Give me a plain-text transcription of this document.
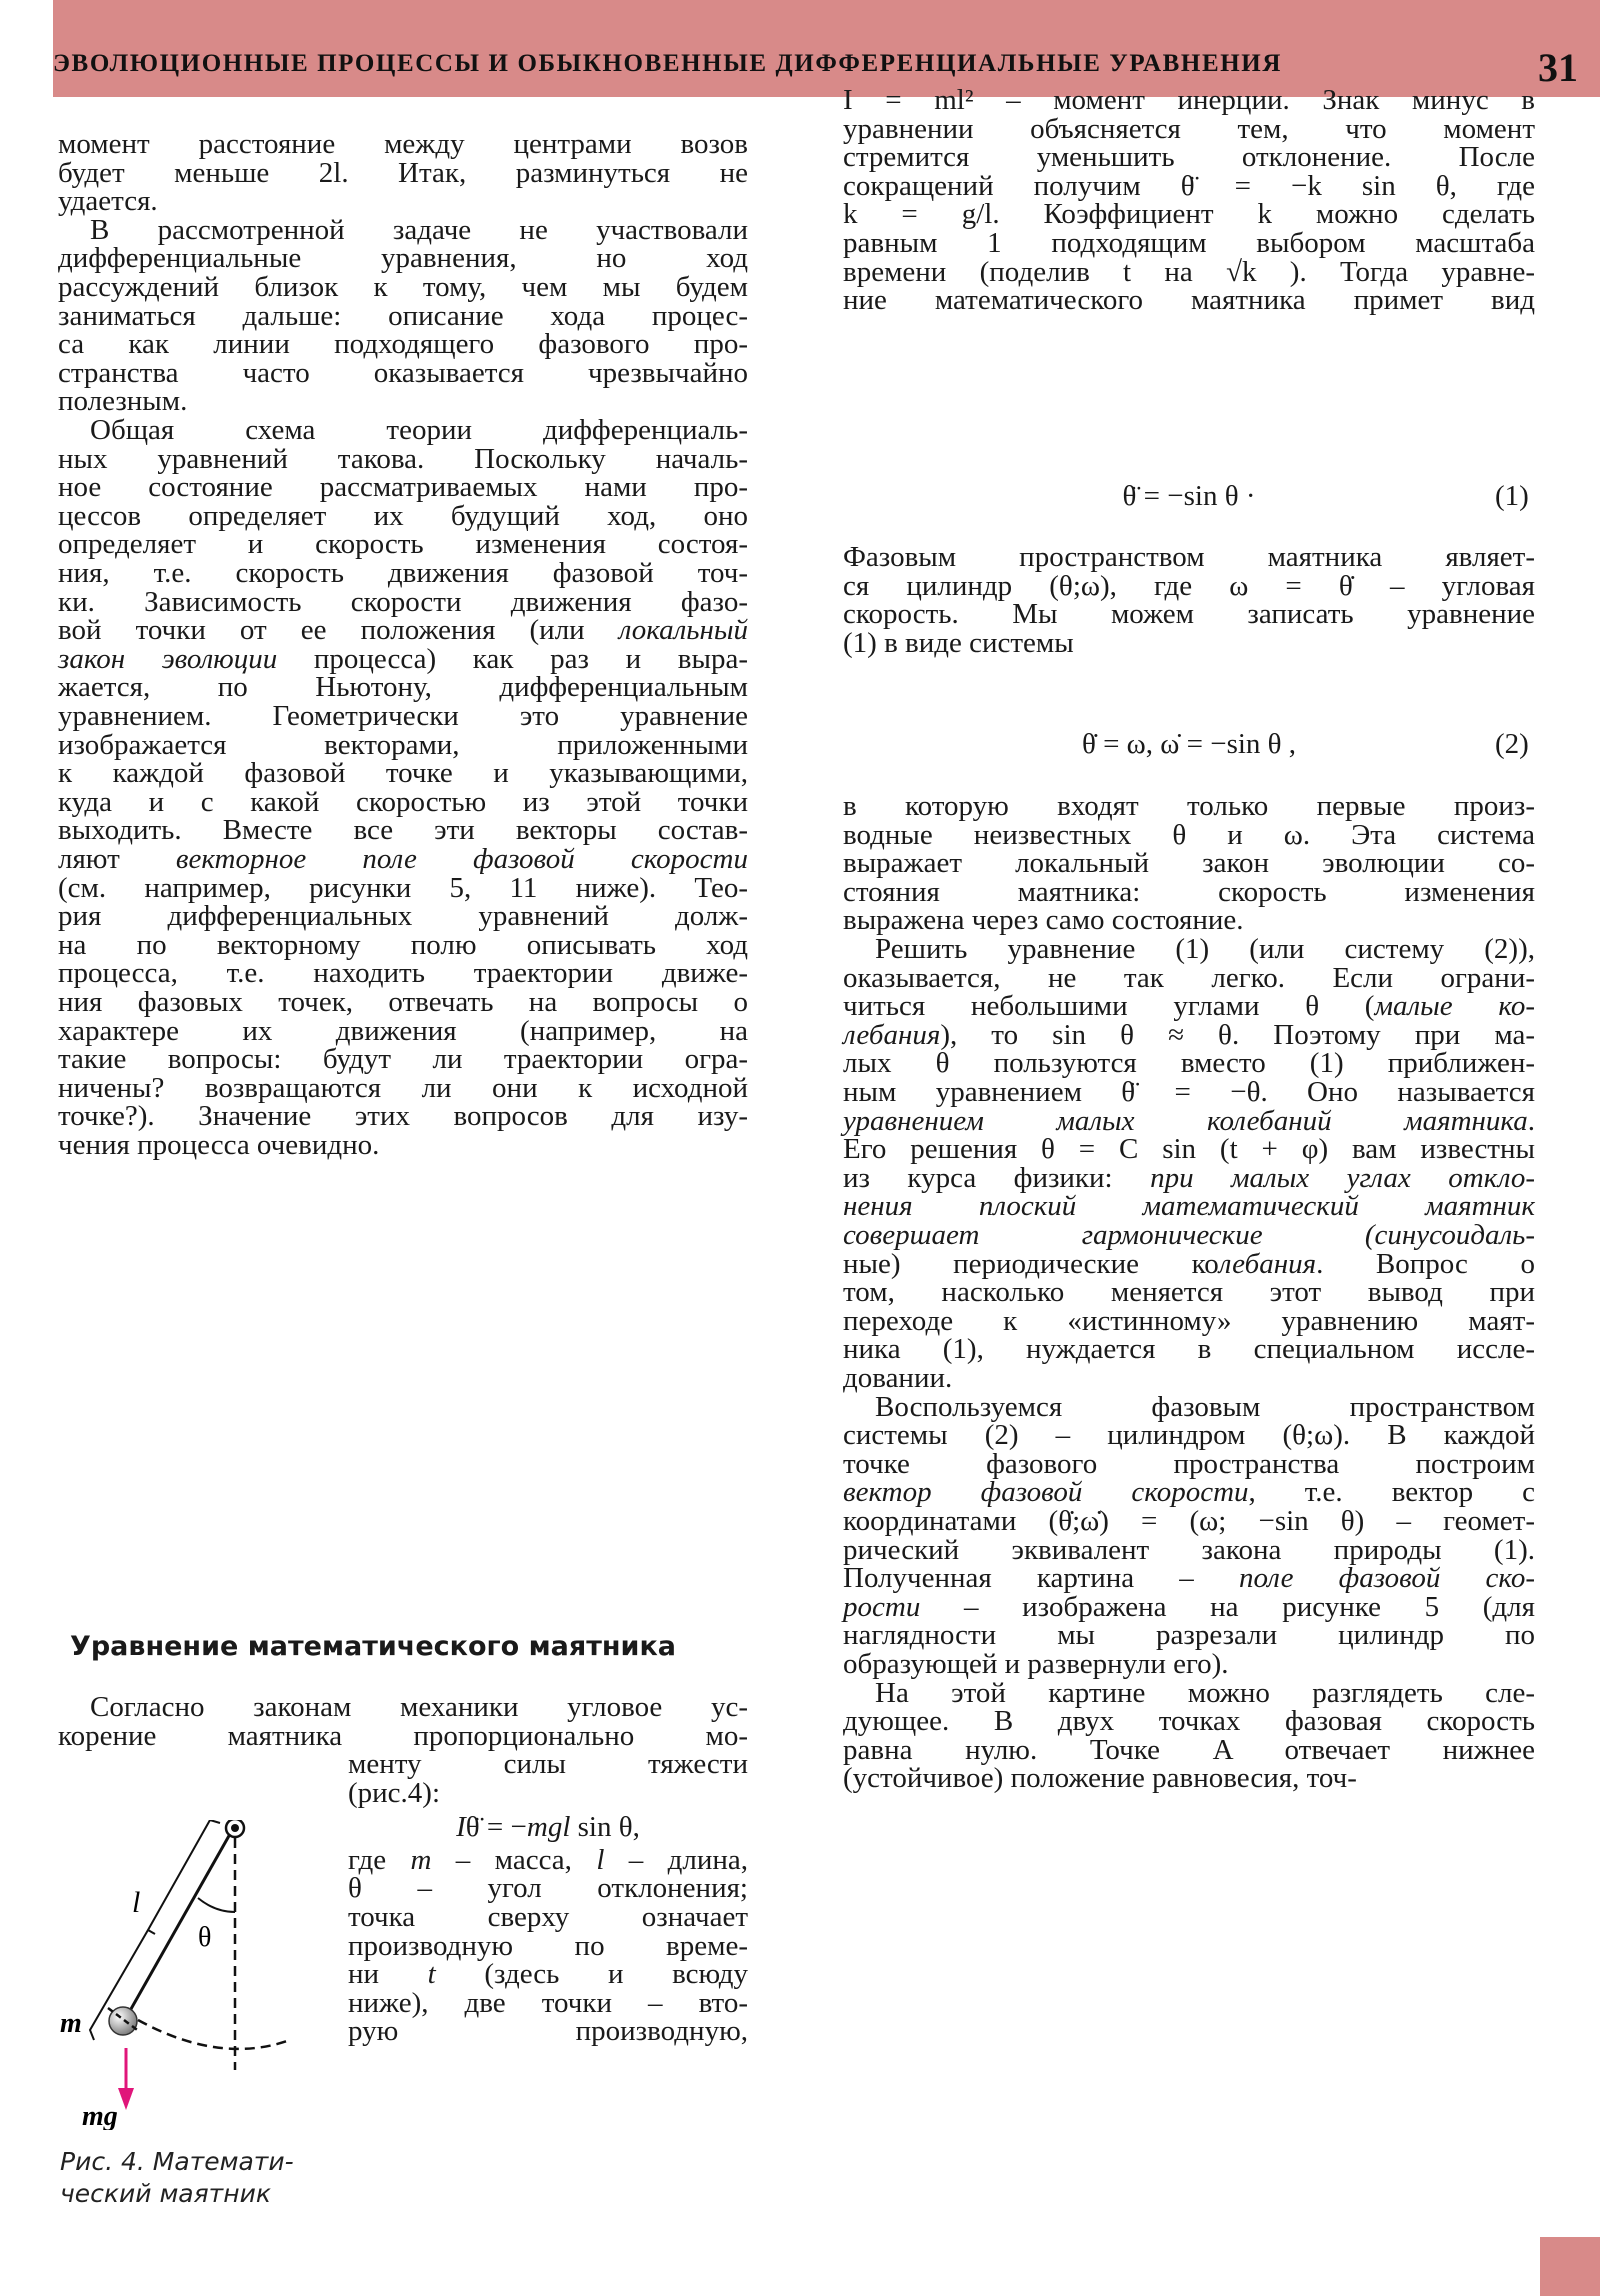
ЭВОЛЮЦИОННЫЕ ПРОЦЕССЫ И ОБЫКНОВЕННЫЕ ДИФФЕРЕНЦИАЛЬНЫЕ УРАВНЕНИЯ	31
момент расстояние между центрами возов
будет меньше 2l. Итак, разминуться не
удается.
В рассмотренной задаче не участвовали
дифференциальные уравнения, но ход
рассуждений близок к тому, чем мы будем
заниматься дальше: описание хода процес-
са как линии подходящего фазового про-
странства часто оказывается чрезвычайно
полезным.
Общая схема теории дифференциаль-
ных уравнений такова. Поскольку началь-
ное состояние рассматриваемых нами про-
цессов определяет их будущий ход, оно
определяет и скорость изменения состоя-
ния, т.е. скорость движения фазовой точ-
ки. Зависимость скорости движения фазо-
вой точки от ее положения (или локальный
закон эволюции процесса) как раз и выра-
жается, по Ньютону, дифференциальным
уравнением. Геометрически это уравнение
изображается векторами, приложенными
к каждой фазовой точке и указывающими,
куда и с какой скоростью из этой точки
выходить. Вместе все эти векторы состав-
ляют векторное поле фазовой скорости
(см. например, рисунки 5, 11 ниже). Тео-
рия дифференциальных уравнений долж-
на по векторному полю описывать ход
процесса, т.е. находить траектории движе-
ния фазовых точек, отвечать на вопросы о
характере их движения (например, на
такие вопросы: будут ли траектории огра-
ничены? возвращаются ли они к исходной
точке?). Значение этих вопросов для изу-
чения процесса очевидно.
Уравнение математического маятника
Согласно законам механики угловое ус-
корение маятника пропорционально мо-
менту силы тяжести
(рис.4):
где m – масса, l – длина,
θ – угол отклонения;
точка сверху означает
производную по време-
ни t (здесь и всюду
ниже), две точки – вто-
рую производную,
Iθ̈ = −mgl sin θ,
l
θ
m
mg
Рис. 4. Математи-
ческий маятник
I = ml² – момент инерции. Знак минус в
уравнении объясняется тем, что момент
стремится уменьшить отклонение. После
сокращений получим θ̈ = −k sin θ, где
k = g/l. Коэффициент k можно сделать
равным 1 подходящим выбором масштаба
времени (поделив t на √k ). Тогда уравне-
ние математического маятника примет вид
θ̈ = −sin θ ·	(1)
Фазовым пространством маятника являет-
ся цилиндр (θ;ω), где ω = θ̇ – угловая
скорость. Мы можем записать уравнение
(1) в виде системы
θ̇ = ω, ω̇ = −sin θ ,	(2)
в которую входят только первые произ-
водные неизвестных θ и ω. Эта система
выражает локальный закон эволюции со-
стояния маятника: скорость изменения
выражена через само состояние.
Решить уравнение (1) (или систему (2)),
оказывается, не так легко. Если ограни-
читься небольшими углами θ (малые ко-
лебания), то sin θ ≈ θ. Поэтому при ма-
лых θ пользуются вместо (1) приближен-
ным уравнением θ̈ = −θ. Оно называется
уравнением малых колебаний маятника.
Его решения θ = C sin (t + φ) вам известны
из курса физики: при малых углах откло-
нения плоский математический маятник
совершает гармонические (синусоидаль-
ные) периодические колебания. Вопрос о
том, насколько меняется этот вывод при
переходе к «истинному» уравнению маят-
ника (1), нуждается в специальном иссле-
довании.
Воспользуемся фазовым пространством
системы (2) – цилиндром (θ;ω). В каждой
точке фазового пространства построим
вектор фазовой скорости, т.е. вектор с
координатами (θ̇;ω̇) = (ω; −sin θ) – геомет-
рический эквивалент закона природы (1).
Полученная картина – поле фазовой ско-
рости – изображена на рисунке 5 (для
наглядности мы разрезали цилиндр по
образующей и развернули его).
На этой картине можно разглядеть сле-
дующее. В двух точках фазовая скорость
равна нулю. Точке A отвечает нижнее
(устойчивое) положение равновесия, точ-
